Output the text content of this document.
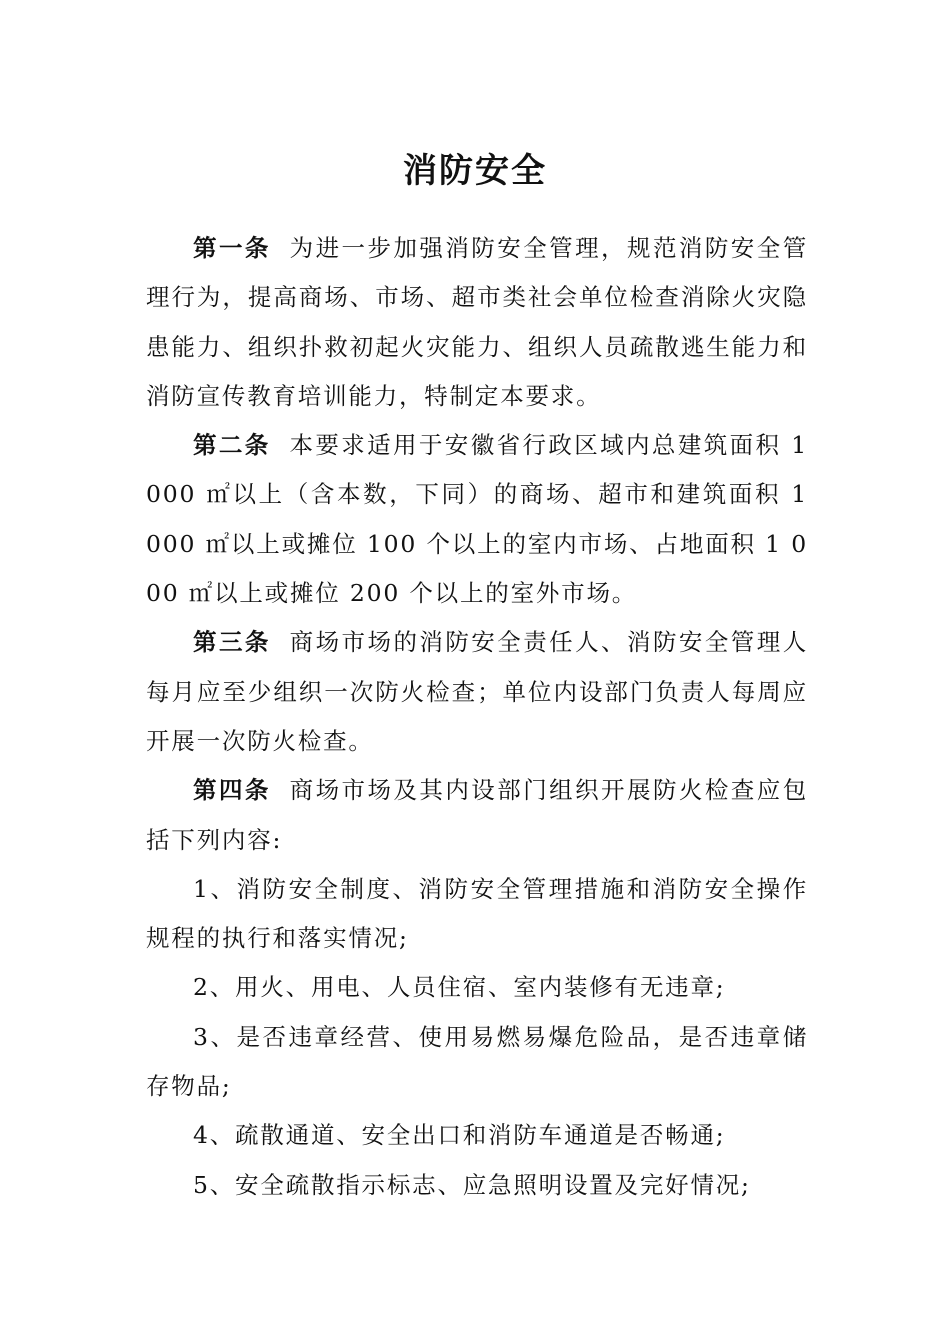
消防安全

第一条 为进一步加强消防安全管理，规范消防安全管理行为，提高商场、市场、超市类社会单位检查消除火灾隐患能力、组织扑救初起火灾能力、组织人员疏散逃生能力和消防宣传教育培训能力，特制定本要求。

第二条 本要求适用于安徽省行政区域内总建筑面积 1 000 ㎡以上（含本数，下同）的商场、超市和建筑面积 1 000 ㎡以上或摊位 100 个以上的室内市场、占地面积 1 000 ㎡以上或摊位 200 个以上的室外市场。

第三条 商场市场的消防安全责任人、消防安全管理人每月应至少组织一次防火检查；单位内设部门负责人每周应开展一次防火检查。

第四条 商场市场及其内设部门组织开展防火检查应包括下列内容:

1、消防安全制度、消防安全管理措施和消防安全操作规程的执行和落实情况;

2、用火、用电、人员住宿、室内装修有无违章;

3、是否违章经营、使用易燃易爆危险品，是否违章储存物品;

4、疏散通道、安全出口和消防车通道是否畅通;

5、安全疏散指示标志、应急照明设置及完好情况;
